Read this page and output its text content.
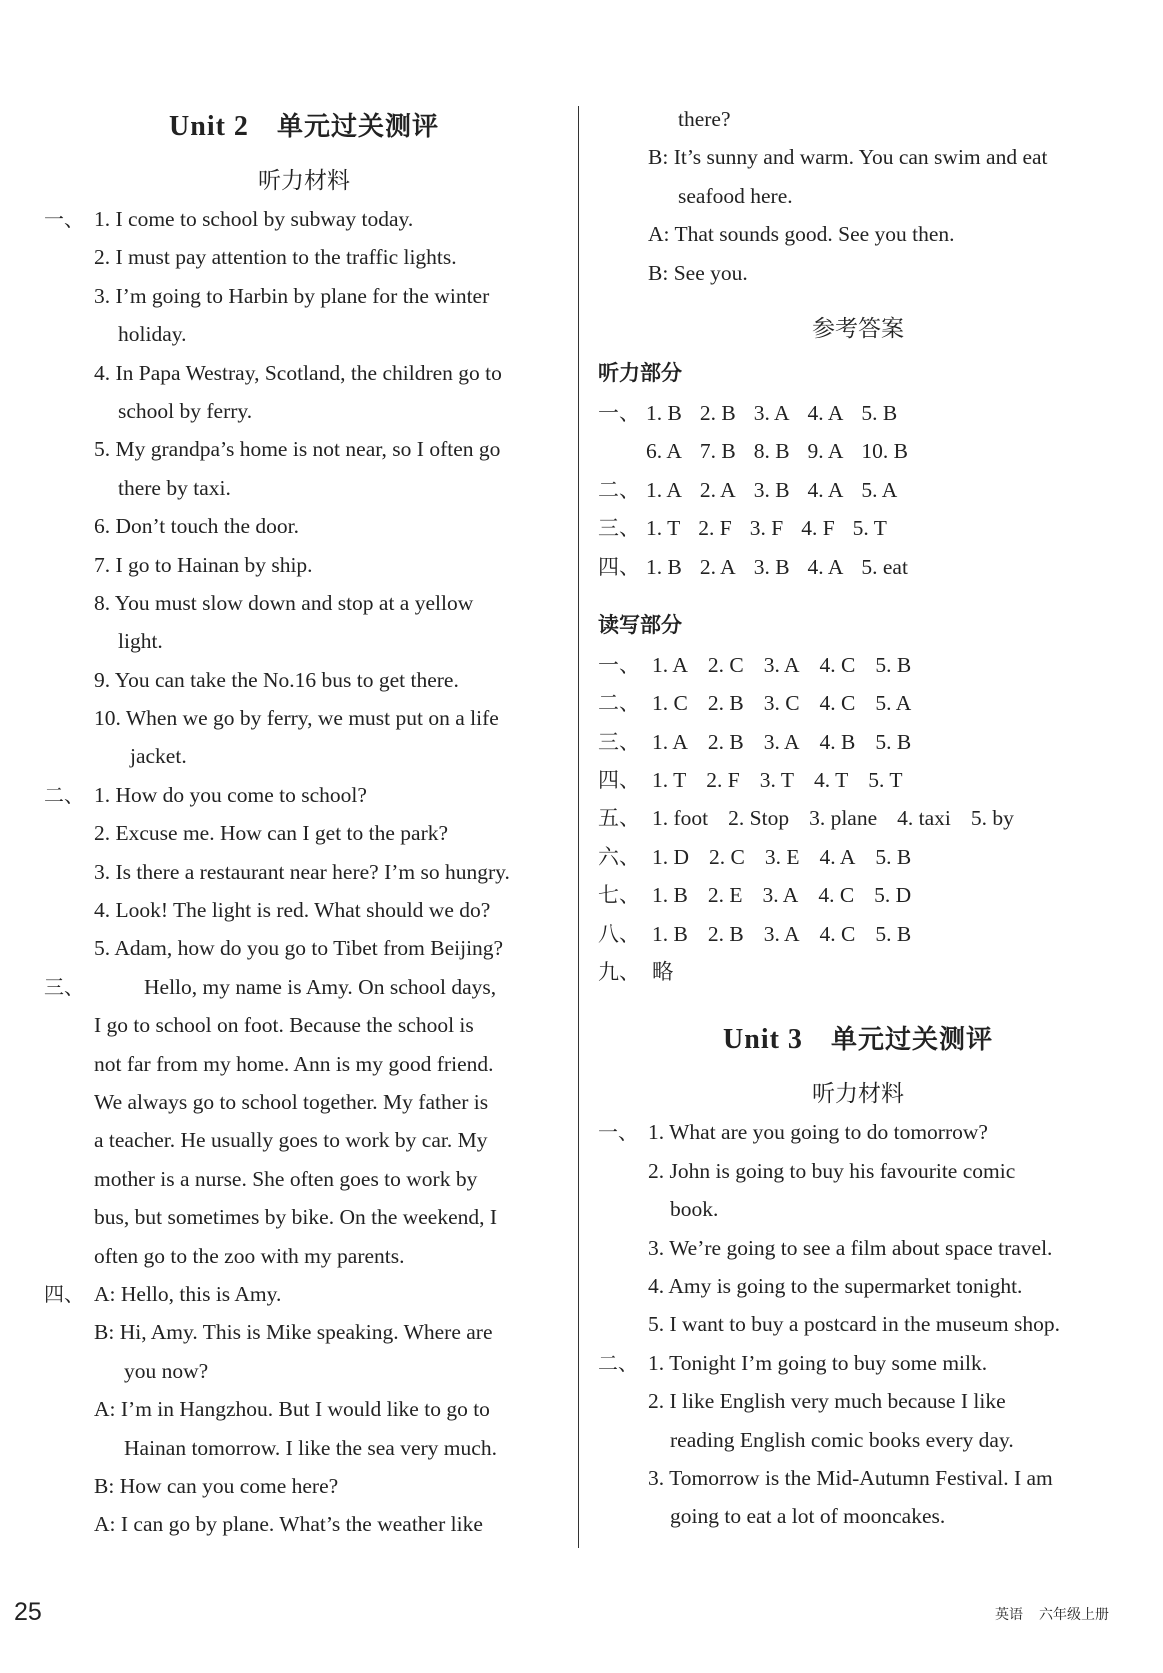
Unit 2 单元过关测评
听力材料
一、 1. I come to school by subway today.
2. I must pay attention to the traffic lights.
3. I’m going to Harbin by plane for the winter
holiday.
4. In Papa Westray, Scotland, the children go to
school by ferry.
5. My grandpa’s home is not near, so I often go
there by taxi.
6. Don’t touch the door.
7. I go to Hainan by ship.
8. You must slow down and stop at a yellow
light.
9. You can take the No.16 bus to get there.
10. When we go by ferry, we must put on a life
jacket.
二、 1. How do you come to school?
2. Excuse me. How can I get to the park?
3. Is there a restaurant near here? I’m so hungry.
4. Look! The light is red. What should we do?
5. Adam, how do you go to Tibet from Beijing?
三、	Hello, my name is Amy. On school days,
I go to school on foot. Because the school is
not far from my home. Ann is my good friend.
We always go to school together. My father is
a teacher. He usually goes to work by car. My
mother is a nurse. She often goes to work by
bus, but sometimes by bike. On the weekend, I
often go to the zoo with my parents.
四、 A: Hello, this is Amy.
B: Hi, Amy. This is Mike speaking. Where are
you now?
A: I’m in Hangzhou. But I would like to go to
Hainan tomorrow. I like the sea very much.
B: How can you come here?
A: I can go by plane. What’s the weather like
there?
B: It’s sunny and warm. You can swim and eat
seafood here.
A: That sounds good. See you then.
B: See you.
参考答案
听力部分
一、 1. B 2. B 3. A 4. A 5. B
6. A 7. B 8. B 9. A 10. B
二、 1. A 2. A 3. B 4. A 5. A
三、 1. T 2. F 3. F 4. F 5. T
四、 1. B 2. A 3. B 4. A 5. eat
读写部分
一、 1. A 2. C 3. A 4. C 5. B
二、 1. C 2. B 3. C 4. C 5. A
三、 1. A 2. B 3. A 4. B 5. B
四、 1. T 2. F 3. T 4. T 5. T
五、 1. foot 2. Stop 3. plane 4. taxi 5. by
六、 1. D 2. C 3. E 4. A 5. B
七、 1. B 2. E 3. A 4. C 5. D
八、 1. B 2. B 3. A 4. C 5. B
九、 略
Unit 3 单元过关测评
听力材料
一、 1. What are you going to do tomorrow?
2. John is going to buy his favourite comic
book.
3. We’re going to see a film about space travel.
4. Amy is going to the supermarket tonight.
5. I want to buy a postcard in the museum shop.
二、 1. Tonight I’m going to buy some milk.
2. I like English very much because I like
reading English comic books every day.
3. Tomorrow is the Mid-Autumn Festival. I am
going to eat a lot of mooncakes.
25	英语 六年级上册
